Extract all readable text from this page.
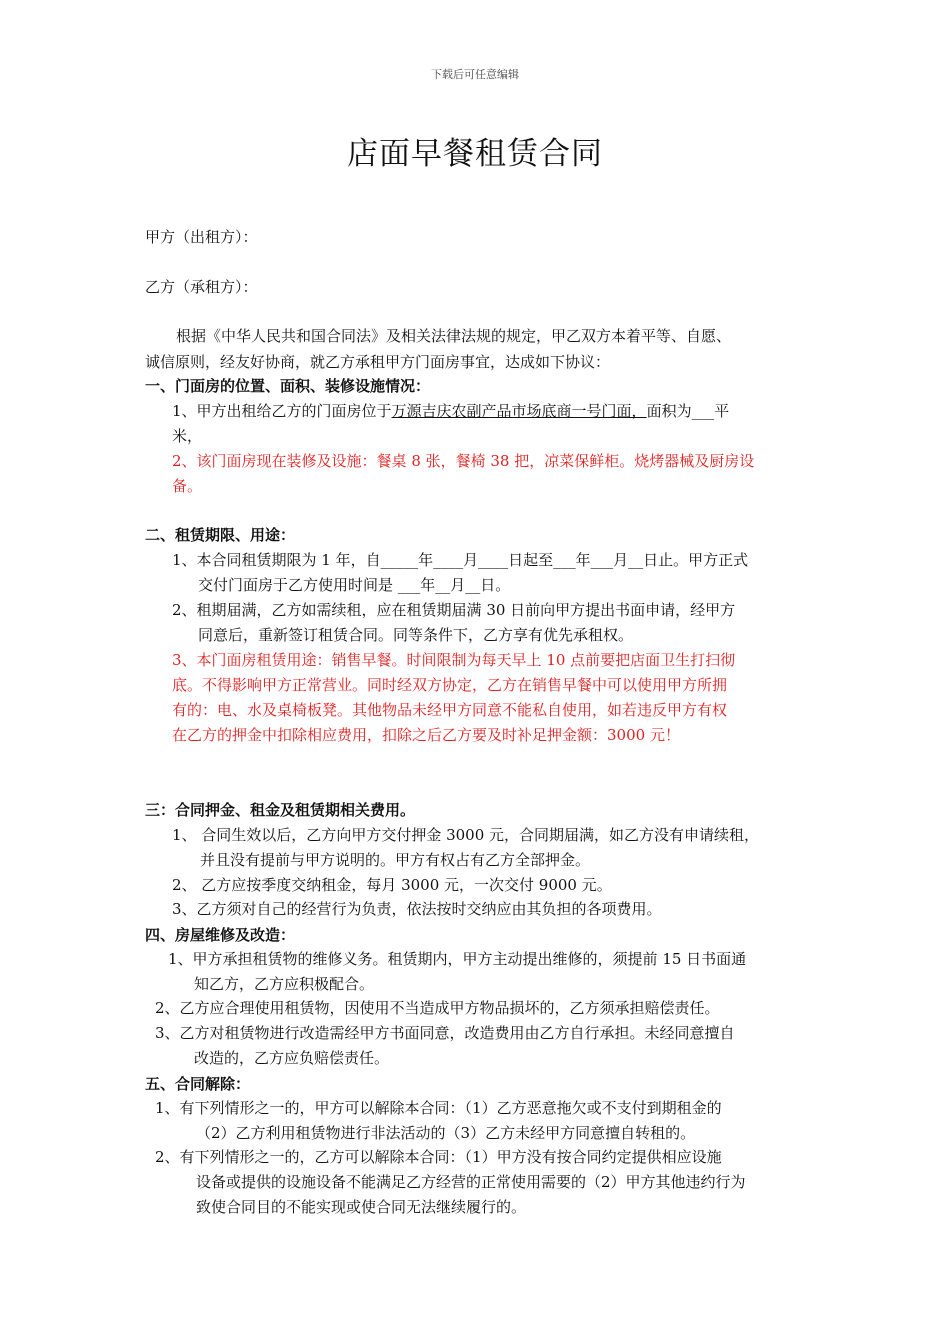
下载后可任意编辑
店面早餐租赁合同
甲方（出租方）：
乙方（承租方）：
根据《中华人民共和国合同法》及相关法律法规的规定，甲乙双方本着平等、自愿、
诚信原则，经友好协商，就乙方承租甲方门面房事宜，达成如下协议：
一、门面房的位置、面积、装修设施情况：
1、甲方出租给乙方的门面房位于万源吉庆农副产品市场底商一号门面，面积为___平
米，
2、该门面房现在装修及设施：餐桌 8 张，餐椅 38 把，凉菜保鲜柜。烧烤器械及厨房设
备。
二、租赁期限、用途：
1、本合同租赁期限为 1 年，自_____年____月____日起至___年___月__日止。甲方正式
交付门面房于乙方使用时间是 ___年__月__日。
2、租期届满，乙方如需续租，应在租赁期届满 30 日前向甲方提出书面申请，经甲方
同意后，重新签订租赁合同。同等条件下，乙方享有优先承租权。
3、本门面房租赁用途：销售早餐。时间限制为每天早上 10 点前要把店面卫生打扫彻
底。不得影响甲方正常营业。同时经双方协定，乙方在销售早餐中可以使用甲方所拥
有的：电、水及桌椅板凳。其他物品未经甲方同意不能私自使用，如若违反甲方有权
在乙方的押金中扣除相应费用，扣除之后乙方要及时补足押金额：3000 元！
三：合同押金、租金及租赁期相关费用。
1、 合同生效以后，乙方向甲方交付押金 3000 元，合同期届满，如乙方没有申请续租，
并且没有提前与甲方说明的。甲方有权占有乙方全部押金。
2、 乙方应按季度交纳租金，每月 3000 元，一次交付 9000 元。
3、乙方须对自己的经营行为负责，依法按时交纳应由其负担的各项费用。
四、房屋维修及改造：
1、甲方承担租赁物的维修义务。租赁期内，甲方主动提出维修的，须提前 15 日书面通
知乙方，乙方应积极配合。
2、乙方应合理使用租赁物，因使用不当造成甲方物品损坏的，乙方须承担赔偿责任。
3、乙方对租赁物进行改造需经甲方书面同意，改造费用由乙方自行承担。未经同意擅自
改造的，乙方应负赔偿责任。
五、合同解除：
1、有下列情形之一的，甲方可以解除本合同：（1）乙方恶意拖欠或不支付到期租金的
（2）乙方利用租赁物进行非法活动的（3）乙方未经甲方同意擅自转租的。
2、有下列情形之一的，乙方可以解除本合同：（1）甲方没有按合同约定提供相应设施
设备或提供的设施设备不能满足乙方经营的正常使用需要的（2）甲方其他违约行为
致使合同目的不能实现或使合同无法继续履行的。
